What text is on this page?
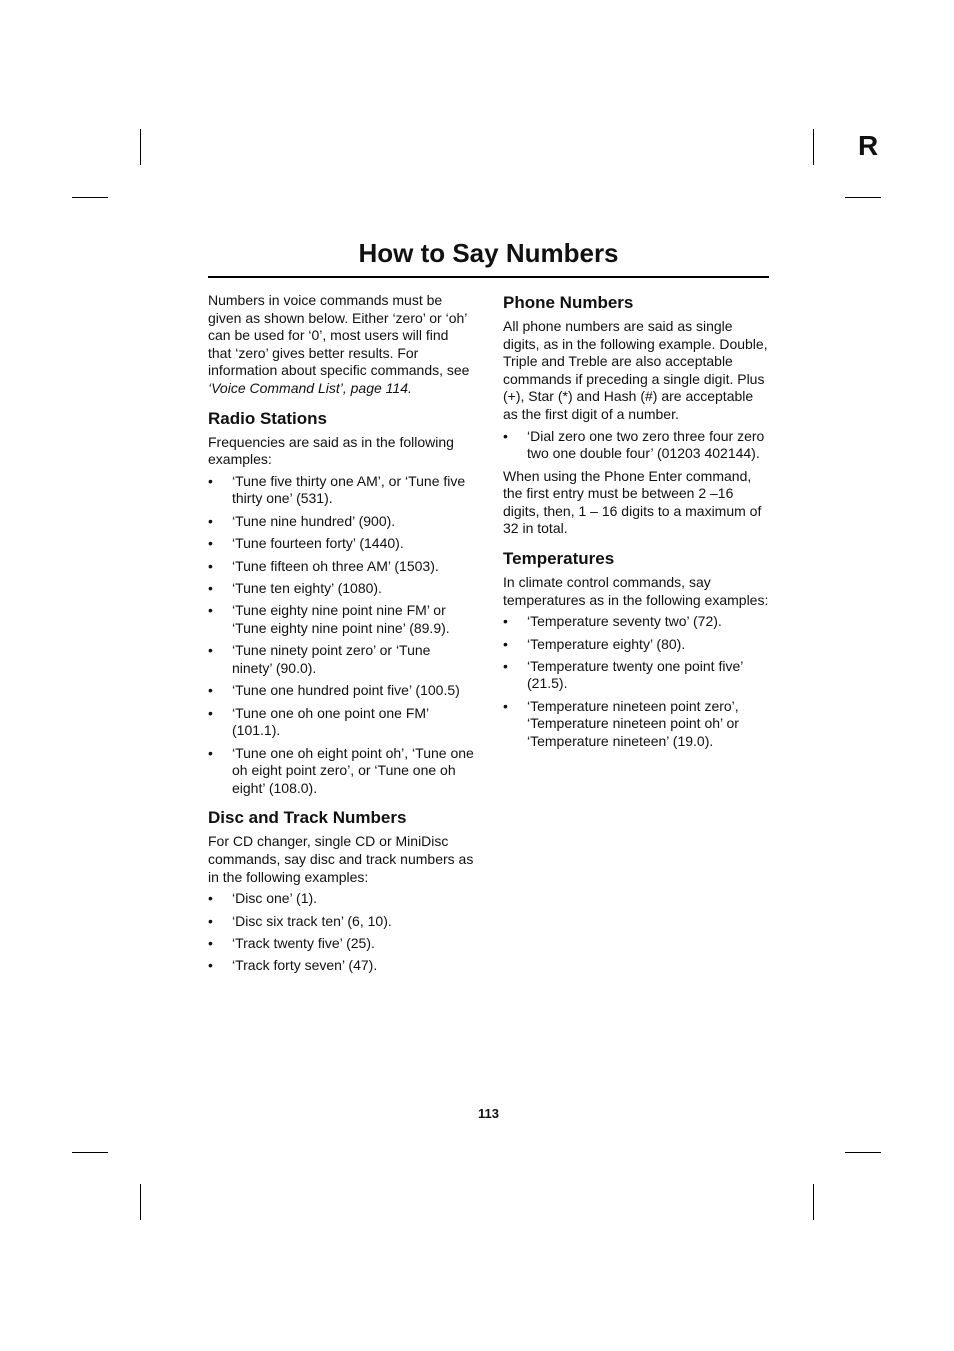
R
How to Say Numbers

Numbers in voice commands must be given as shown below. Either ‘zero’ or ‘oh’ can be used for ‘0’, most users will find that ‘zero’ gives better results. For information about specific commands, see ‘Voice Command List’, page 114.

Radio Stations

Frequencies are said as in the following examples:

• ‘Tune five thirty one AM’, or ‘Tune five thirty one’ (531).
• ‘Tune nine hundred’ (900).
• ‘Tune fourteen forty’ (1440).
• ‘Tune fifteen oh three AM’ (1503).
• ‘Tune ten eighty’ (1080).
• ‘Tune eighty nine point nine FM’ or ‘Tune eighty nine point nine’ (89.9).
• ‘Tune ninety point zero’ or ‘Tune ninety’ (90.0).
• ‘Tune one hundred point five’ (100.5)
• ‘Tune one oh one point one FM’ (101.1).
• ‘Tune one oh eight point oh’, ‘Tune one oh eight point zero’, or ‘Tune one oh eight’ (108.0).
Disc and Track Numbers

For CD changer, single CD or MiniDisc commands, say disc and track numbers as in the following examples:

• ‘Disc one’ (1).
• ‘Disc six track ten’ (6, 10).
• ‘Track twenty five’ (25).
• ‘Track forty seven’ (47).
Phone Numbers

All phone numbers are said as single digits, as in the following example. Double, Triple and Treble are also acceptable commands if preceding a single digit. Plus (+), Star (*) and Hash (#) are acceptable as the first digit of a number.

• ‘Dial zero one two zero three four zero two one double four’ (01203 402144).

When using the Phone Enter command, the first entry must be between 2 –16 digits, then, 1 – 16 digits to a maximum of 32 in total.

Temperatures

In climate control commands, say temperatures as in the following examples:

• ‘Temperature seventy two’ (72).
• ‘Temperature eighty’ (80).
• ‘Temperature twenty one point five’ (21.5).
• ‘Temperature nineteen point zero’, ‘Temperature nineteen point oh’ or ‘Temperature nineteen’ (19.0).
113
